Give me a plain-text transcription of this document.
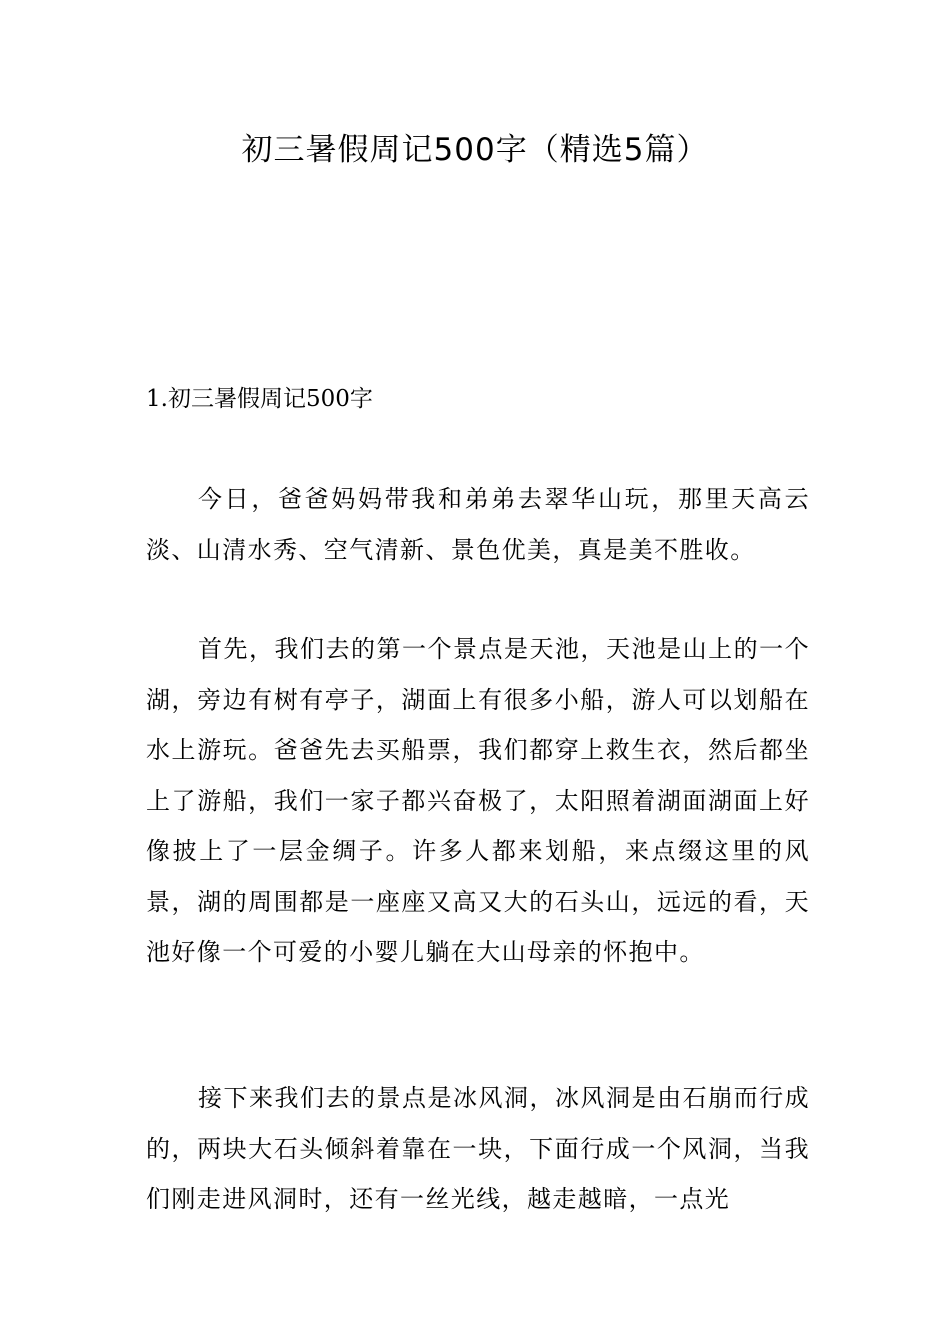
初三暑假周记500字（精选5篇）
1.初三暑假周记500字

今日，爸爸妈妈带我和弟弟去翠华山玩，那里天高云淡、山清水秀、空气清新、景色优美，真是美不胜收。

首先，我们去的第一个景点是天池，天池是山上的一个湖，旁边有树有亭子，湖面上有很多小船，游人可以划船在水上游玩。爸爸先去买船票，我们都穿上救生衣，然后都坐上了游船，我们一家子都兴奋极了，太阳照着湖面湖面上好像披上了一层金绸子。许多人都来划船，来点缀这里的风景，湖的周围都是一座座又高又大的石头山，远远的看，天池好像一个可爱的小婴儿躺在大山母亲的怀抱中。

接下来我们去的景点是冰风洞，冰风洞是由石崩而行成的，两块大石头倾斜着靠在一块，下面行成一个风洞，当我们刚走进风洞时，还有一丝光线，越走越暗，一点光
